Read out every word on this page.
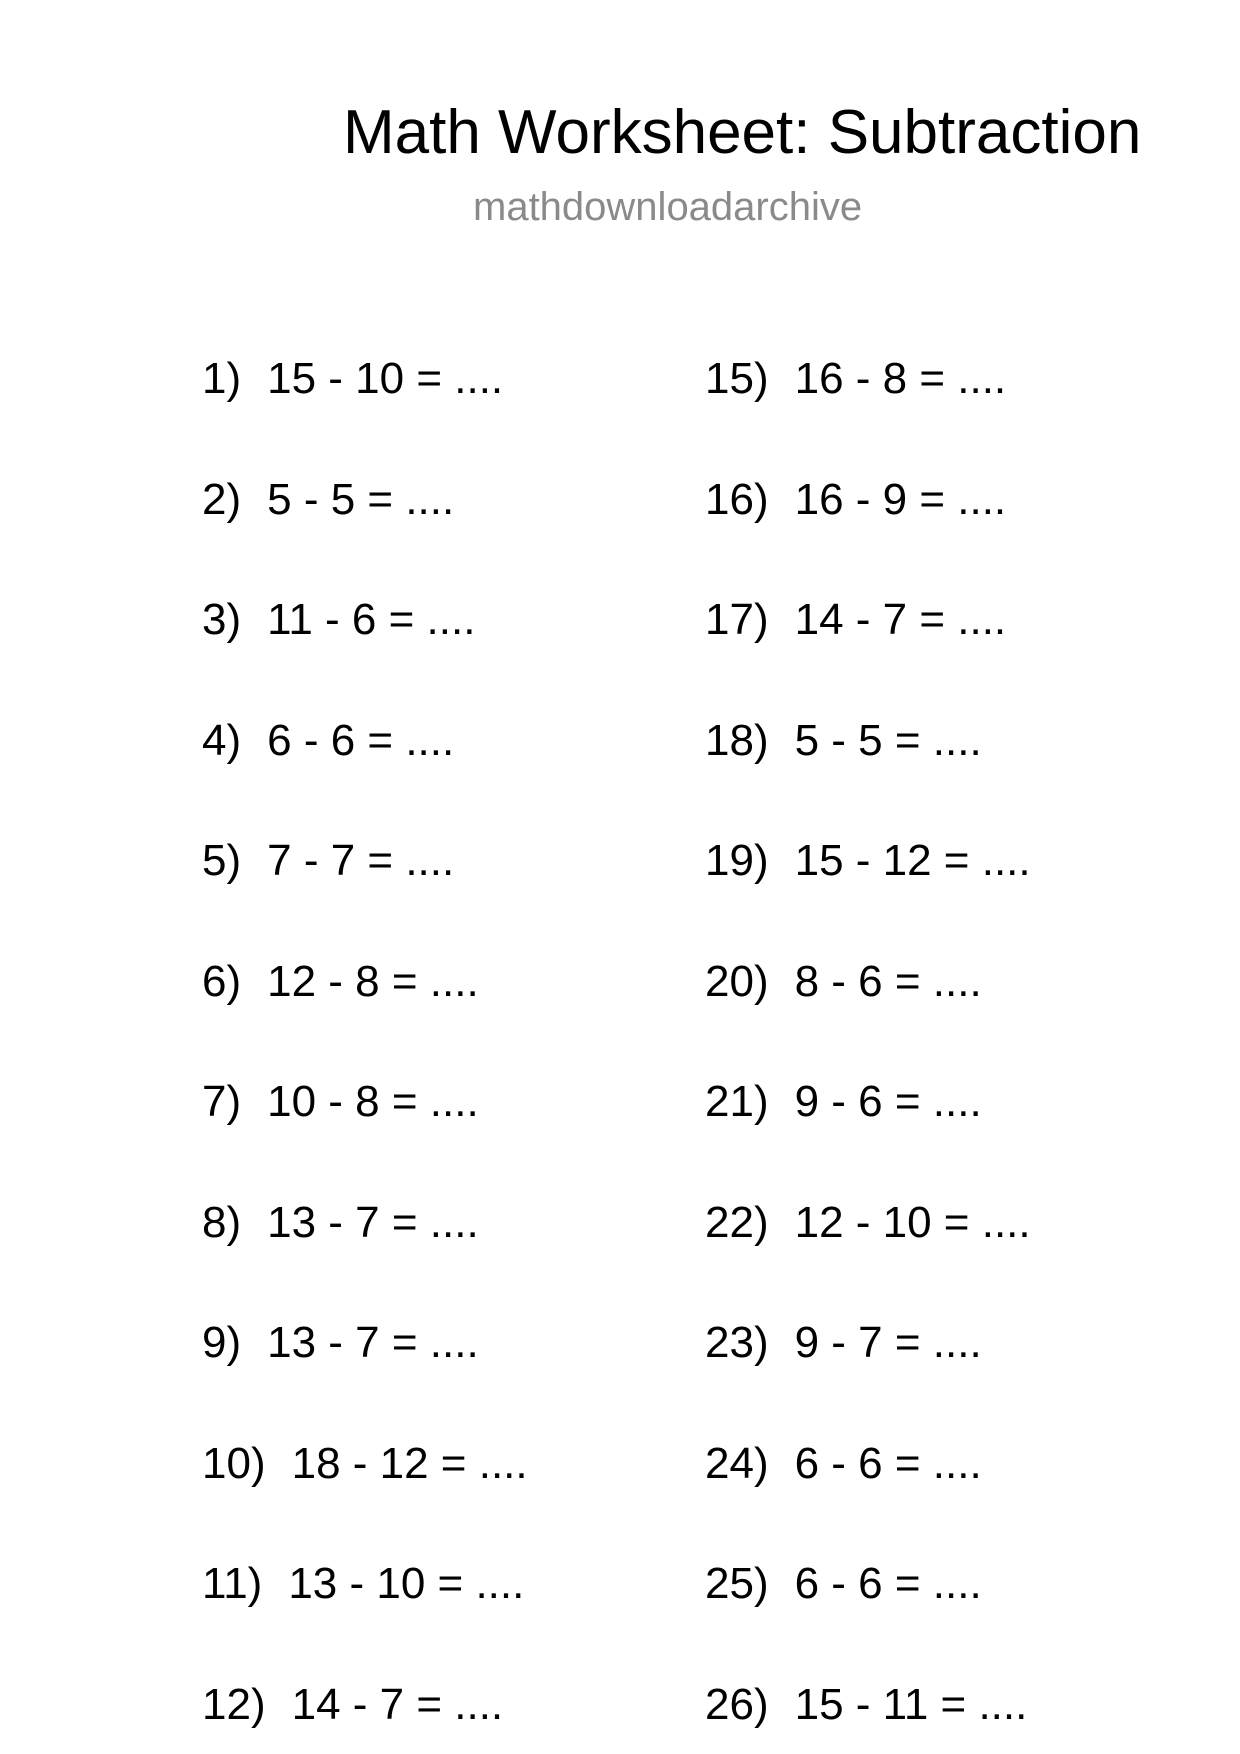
Math Worksheet: Subtraction
mathdownloadarchive
1) 15 - 10 = ....
2) 5 - 5 = ....
3) 11 - 6 = ....
4) 6 - 6 = ....
5) 7 - 7 = ....
6) 12 - 8 = ....
7) 10 - 8 = ....
8) 13 - 7 = ....
9) 13 - 7 = ....
10) 18 - 12 = ....
11) 13 - 10 = ....
12) 14 - 7 = ....
15) 16 - 8 = ....
16) 16 - 9 = ....
17) 14 - 7 = ....
18) 5 - 5 = ....
19) 15 - 12 = ....
20) 8 - 6 = ....
21) 9 - 6 = ....
22) 12 - 10 = ....
23) 9 - 7 = ....
24) 6 - 6 = ....
25) 6 - 6 = ....
26) 15 - 11 = ....
